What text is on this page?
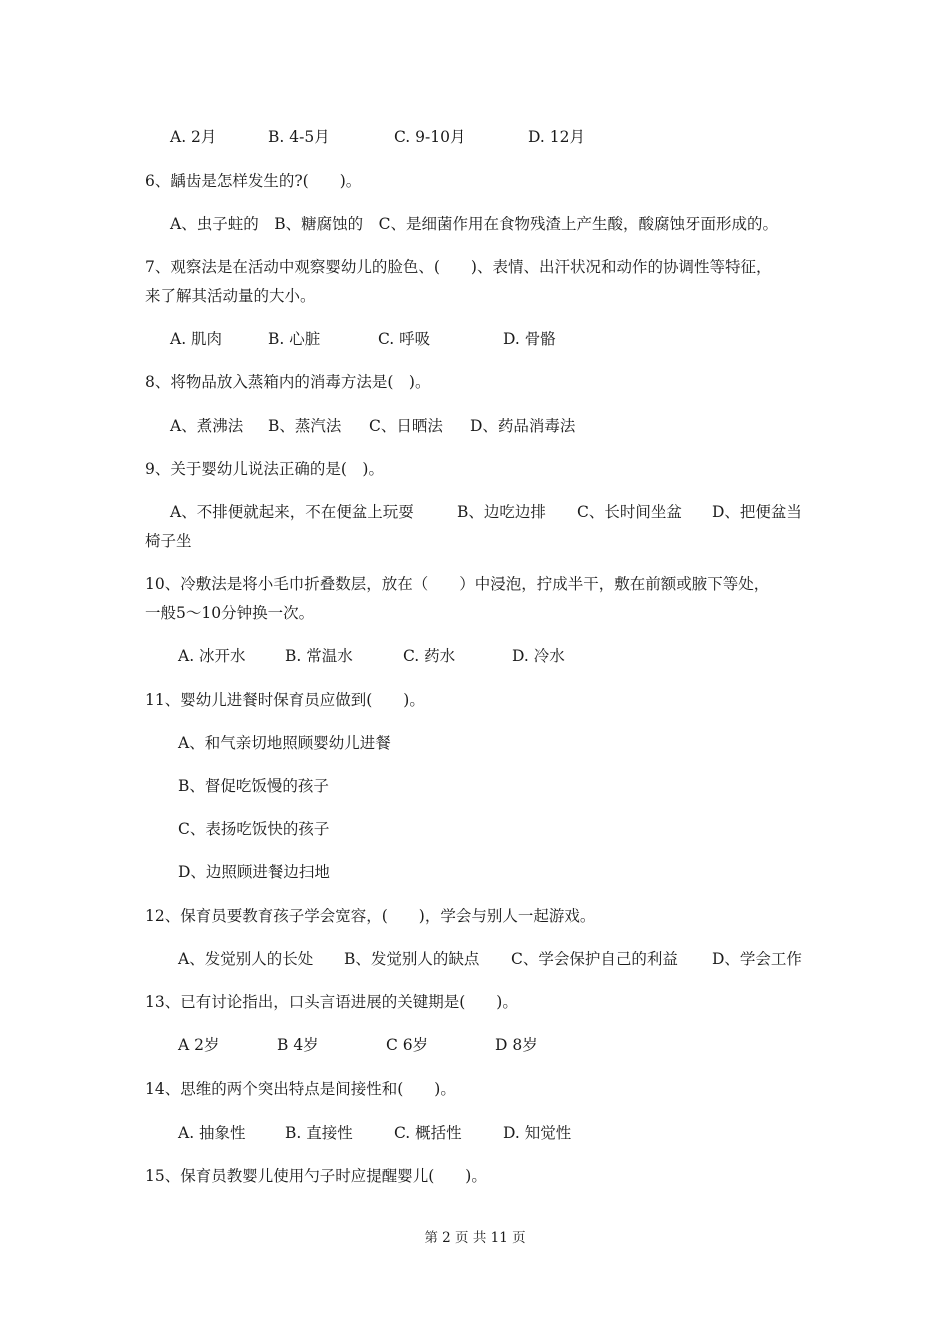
A. 2月	B. 4-5月	C. 9-10月	D. 12月
6、龋齿是怎样发生的?(　　)。
A、虫子蛀的　B、糖腐蚀的　C、是细菌作用在食物残渣上产生酸，酸腐蚀牙面形成的。
7、观察法是在活动中观察婴幼儿的脸色、(　　)、表情、出汗状况和动作的协调性等特征，
来了解其活动量的大小。
A. 肌肉	B. 心脏	C. 呼吸	D. 骨骼
8、将物品放入蒸箱内的消毒方法是(　)。
A、煮沸法 B、蒸汽法 C、日晒法 D、药品消毒法
9、关于婴幼儿说法正确的是(　)。
A、不排便就起来，不在便盆上玩耍	B、边吃边排 C、长时间坐盆 D、把便盆当
椅子坐
10、冷敷法是将小毛巾折叠数层，放在（　　）中浸泡，拧成半干，敷在前额或腋下等处，
一般5～10分钟换一次。
A. 冰开水	B. 常温水	C. 药水	D. 冷水
11、婴幼儿进餐时保育员应做到(　　)。
A、和气亲切地照顾婴幼儿进餐
B、督促吃饭慢的孩子
C、表扬吃饭快的孩子
D、边照顾进餐边扫地
12、保育员要教育孩子学会宽容，(　　)，学会与别人一起游戏。
A、发觉别人的长处 B、发觉别人的缺点 C、学会保护自己的利益 D、学会工作
13、已有讨论指出，口头言语进展的关键期是(　　)。
A 2岁	B 4岁	C 6岁	D 8岁
14、思维的两个突出特点是间接性和(　　)。
A. 抽象性	B. 直接性	C. 概括性	D. 知觉性
15、保育员教婴儿使用勺子时应提醒婴儿(　　)。
第 2 页 共 11 页
